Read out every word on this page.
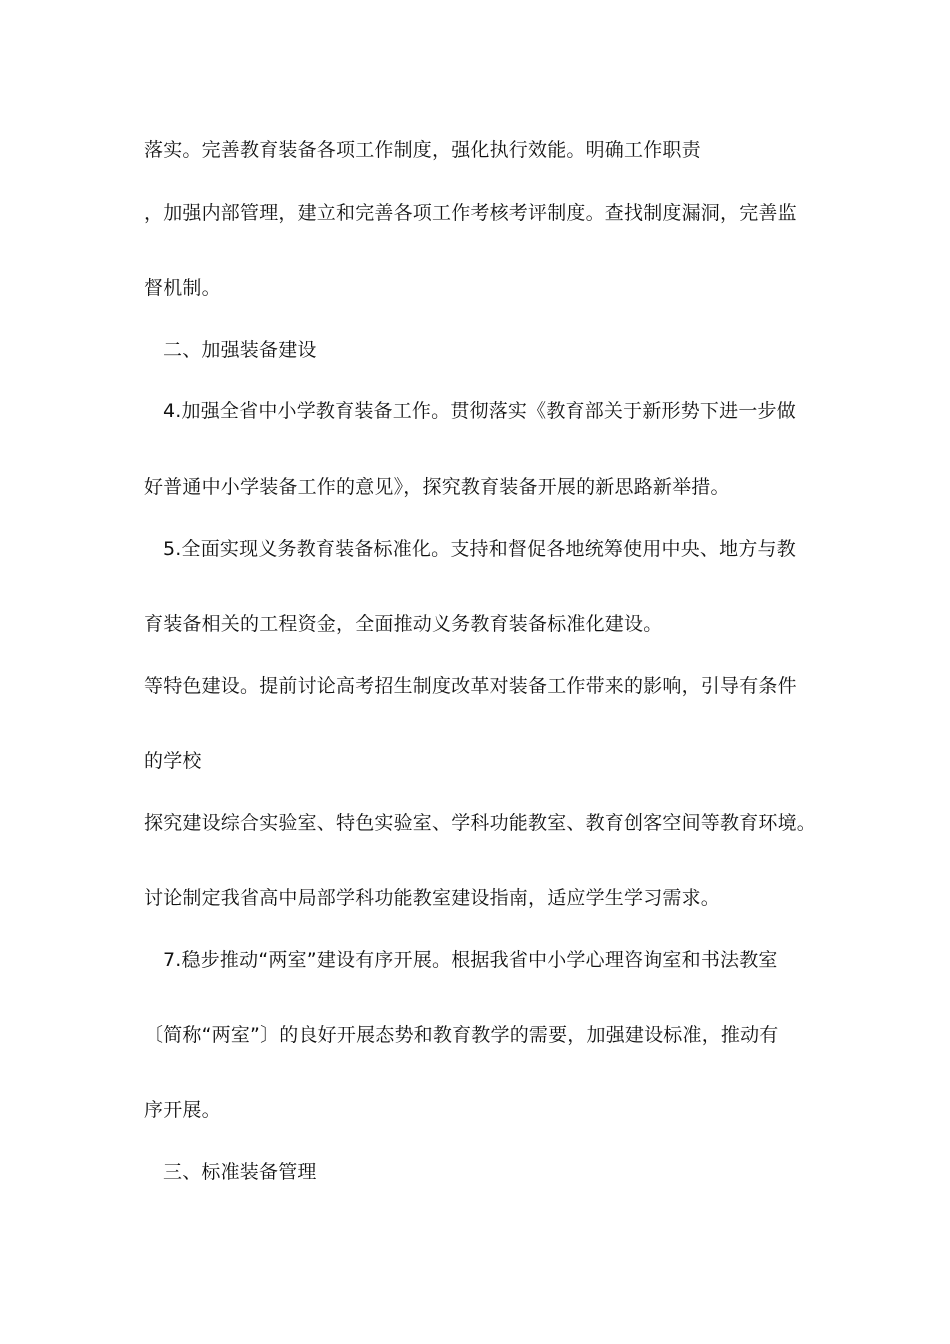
落实。完善教育装备各项工作制度，强化执行效能。明确工作职责
，加强内部管理，建立和完善各项工作考核考评制度。查找制度漏洞，完善监
督机制。
二、加强装备建设
4.加强全省中小学教育装备工作。贯彻落实《教育部关于新形势下进一步做
好普通中小学装备工作的意见》，探究教育装备开展的新思路新举措。
5.全面实现义务教育装备标准化。支持和督促各地统筹使用中央、地方与教
育装备相关的工程资金，全面推动义务教育装备标准化建设。
等特色建设。提前讨论高考招生制度改革对装备工作带来的影响，引导有条件
的学校
探究建设综合实验室、特色实验室、学科功能教室、教育创客空间等教育环境。
讨论制定我省高中局部学科功能教室建设指南，适应学生学习需求。
7.稳步推动“两室”建设有序开展。根据我省中小学心理咨询室和书法教室
〔简称“两室”〕的良好开展态势和教育教学的需要，加强建设标准，推动有
序开展。
三、标准装备管理
